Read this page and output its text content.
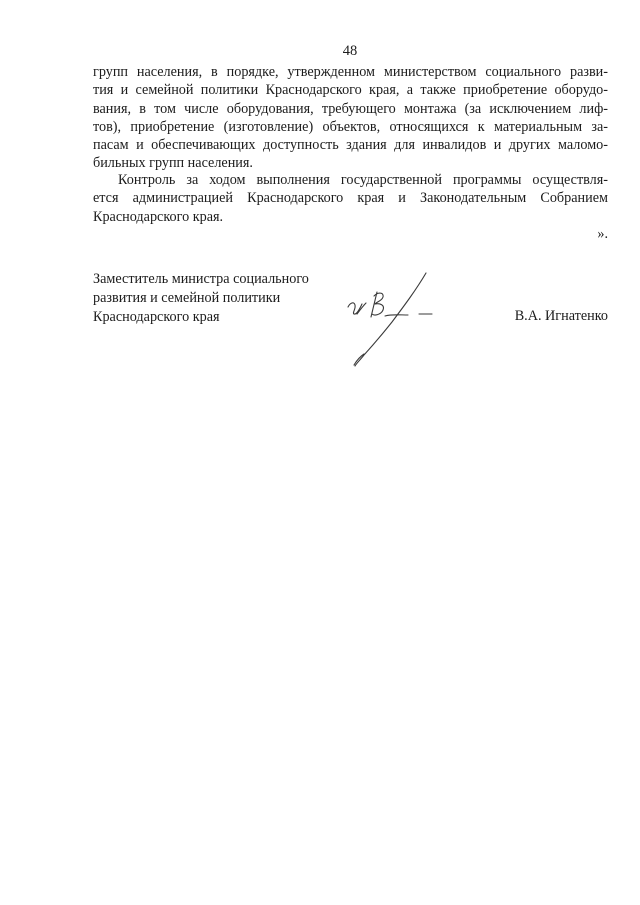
48
групп населения, в порядке, утвержденном министерством социального разви-
тия и семейной политики Краснодарского края, а также приобретение оборудо-
вания, в том числе оборудования, требующего монтажа (за исключением лиф-
тов), приобретение (изготовление) объектов, относящихся к материальным за-
пасам и обеспечивающих доступность здания для инвалидов и других маломо-
бильных групп населения.
Контроль за ходом выполнения государственной программы осуществля-
ется администрацией Краснодарского края и Законодательным Собранием
Краснодарского края.
».
Заместитель министра социального
развития и семейной политики
Краснодарского края	В.А. Игнатенко
